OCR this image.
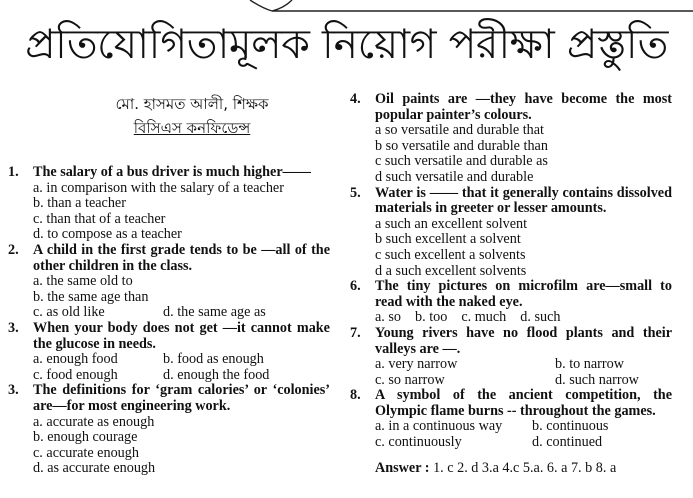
প্রতিযোগিতামূলক নিয়োগ পরীক্ষা প্রস্তুতি
মো. হাসমত আলী, শিক্ষক
বিসিএস কনফিডেন্স
1.	The salary of a bus driver is much higher——
a. in comparison with the salary of a teacher
b. than a teacher
c. than that of a teacher
d. to compose as a teacher
2.	A child in the first grade tends to be —all of the other children in the class.
a. the same old to
b. the same age than
c. as old like	d. the same age as
3.	When your body does not get —it cannot make the glucose in needs.
a. enough food	b. food as enough
c. food enough	d. enough the food
3.	The definitions for ‘gram calories’ or ‘colonies’ are—for most engineering work.
a. accurate as enough
b. enough courage
c. accurate enough
d. as accurate enough
4.	Oil paints are —they have become the most popular painter’s colours.
a so versatile and durable that
b so versatile and durable than
c such versatile and durable as
d such versatile and durable
5.	Water is —— that it generally contains dissolved materials in greeter or lesser amounts.
a such an excellent solvent
b such excellent a solvent
c such excellent a solvents
d a such excellent solvents
6.	The tiny pictures on microfilm are—small to read with the naked eye.
a. so b. too c. much d. such
7.	Young rivers have no flood plants and their valleys are —.
a. very narrow	b. to narrow
c. so narrow	d. such narrow
8.	A symbol of the ancient competition, the Olympic flame burns -- throughout the games.
a. in a continuous way	b. continuous
c. continuously	d. continued
Answer : 1. c 2. d 3.a 4.c 5.a. 6. a 7. b 8. a
